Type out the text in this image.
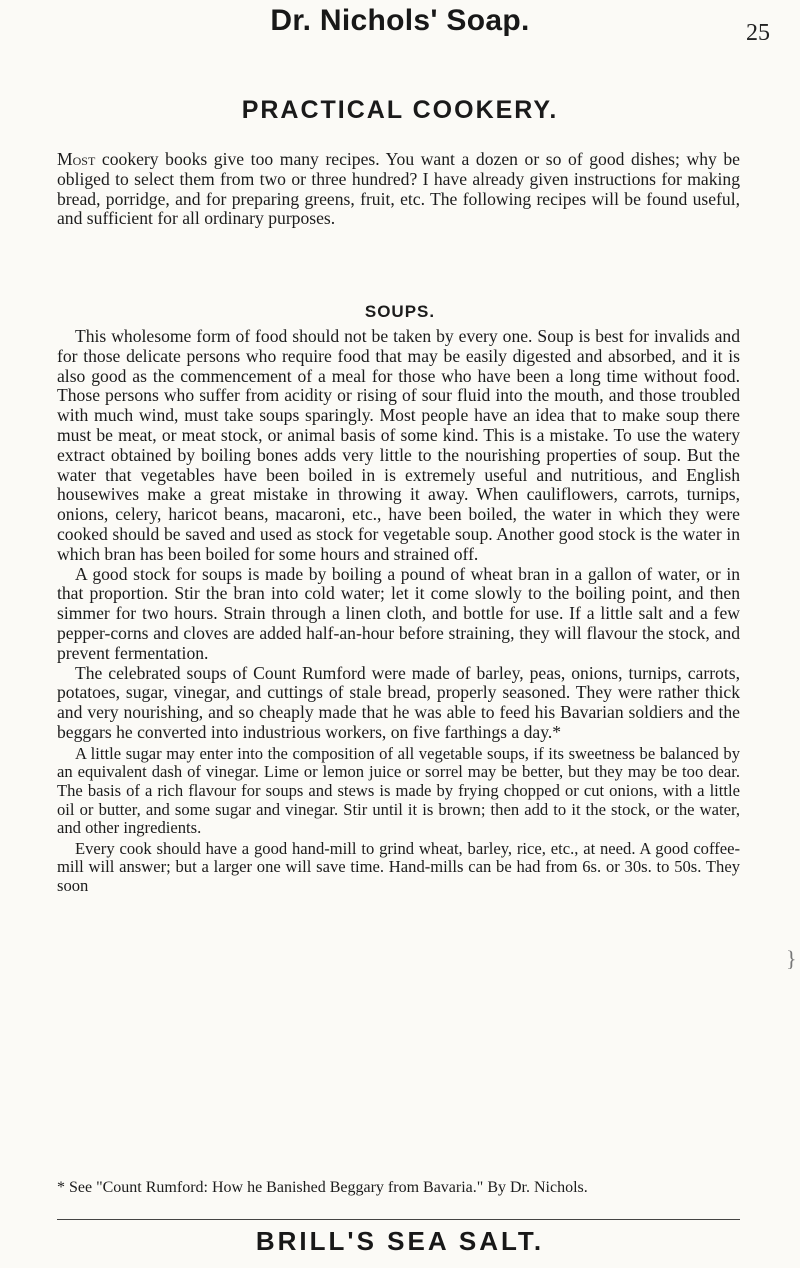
Dr. Nichols' Soap.	25
PRACTICAL COOKERY.
Most cookery books give too many recipes. You want a dozen or so of good dishes; why be obliged to select them from two or three hundred? I have already given instructions for making bread, porridge, and for preparing greens, fruit, etc. The following recipes will be found useful, and sufficient for all ordinary purposes.
SOUPS.

This wholesome form of food should not be taken by every one. Soup is best for invalids and for those delicate persons who require food that may be easily digested and absorbed, and it is also good as the commencement of a meal for those who have been a long time without food. Those persons who suffer from acidity or rising of sour fluid into the mouth, and those troubled with much wind, must take soups sparingly. Most people have an idea that to make soup there must be meat, or meat stock, or animal basis of some kind. This is a mistake. To use the watery extract obtained by boiling bones adds very little to the nourishing properties of soup. But the water that vegetables have been boiled in is extremely useful and nutritious, and English housewives make a great mistake in throwing it away. When cauliflowers, carrots, turnips, onions, celery, haricot beans, macaroni, etc., have been boiled, the water in which they were cooked should be saved and used as stock for vegetable soup. Another good stock is the water in which bran has been boiled for some hours and strained off.

A good stock for soups is made by boiling a pound of wheat bran in a gallon of water, or in that proportion. Stir the bran into cold water; let it come slowly to the boiling point, and then simmer for two hours. Strain through a linen cloth, and bottle for use. If a little salt and a few pepper-corns and cloves are added half-an-hour before straining, they will flavour the stock, and prevent fermentation.

The celebrated soups of Count Rumford were made of barley, peas, onions, turnips, carrots, potatoes, sugar, vinegar, and cuttings of stale bread, properly seasoned. They were rather thick and very nourishing, and so cheaply made that he was able to feed his Bavarian soldiers and the beggars he converted into industrious workers, on five farthings a day.*

A little sugar may enter into the composition of all vegetable soups, if its sweetness be balanced by an equivalent dash of vinegar. Lime or lemon juice or sorrel may be better, but they may be too dear. The basis of a rich flavour for soups and stews is made by frying chopped or cut onions, with a little oil or butter, and some sugar and vinegar. Stir until it is brown; then add to it the stock, or the water, and other ingredients.

Every cook should have a good hand-mill to grind wheat, barley, rice, etc., at need. A good coffee-mill will answer; but a larger one will save time. Hand-mills can be had from 6s. or 30s. to 50s. They soon

}
* See "Count Rumford: How he Banished Beggary from Bavaria." By Dr. Nichols.
BRILL'S SEA SALT.
